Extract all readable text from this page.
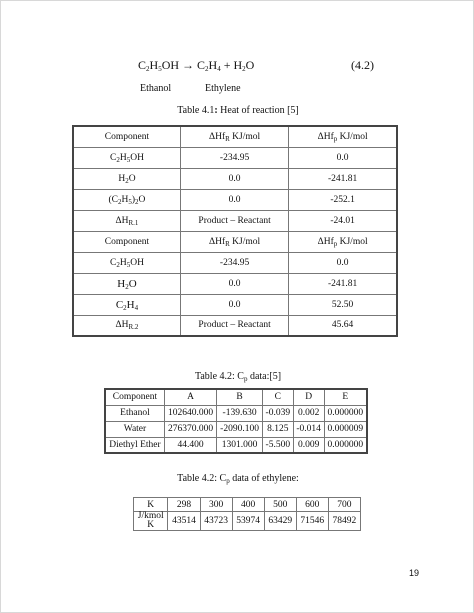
$C_2H_5OH \to C_2H_4 + H_2O$	(4.2)
Ethanol	Ethylene
Table 4.1: Heat of reaction [5]
Component	ΔHf$_R$ KJ/mol	ΔHf$_p$ KJ/mol
$C_2H_5OH$	-234.95	0.0
$H_2O$	0.0	-241.81
$(C_2H_5)_2O$	0.0	-252.1
$\Delta H_{R.1}$	Product – Reactant	-24.01
Component	ΔHf$_R$ KJ/mol	ΔHf$_p$ KJ/mol
$C_2H_5OH$	-234.95	0.0
$H_2O$	0.0	-241.81
$C_2H_4$	0.0	52.50
$\Delta H_{R.2}$	Product – Reactant	45.64
Table 4.2: $C_p$ data:[5]
Component	A	B	C	D	E
Ethanol	102640.000	-139.630	-0.039	0.002	0.000000
Water	276370.000	-2090.100	8.125	-0.014	0.000009
Diethyl Ether	44.400	1301.000	-5.500	0.009	0.000000
Table 4.2: $C_p$ data of ethylene:
K	298	300	400	500	600	700
J/kmol
K	43514	43723	53974	63429	71546	78492
19
